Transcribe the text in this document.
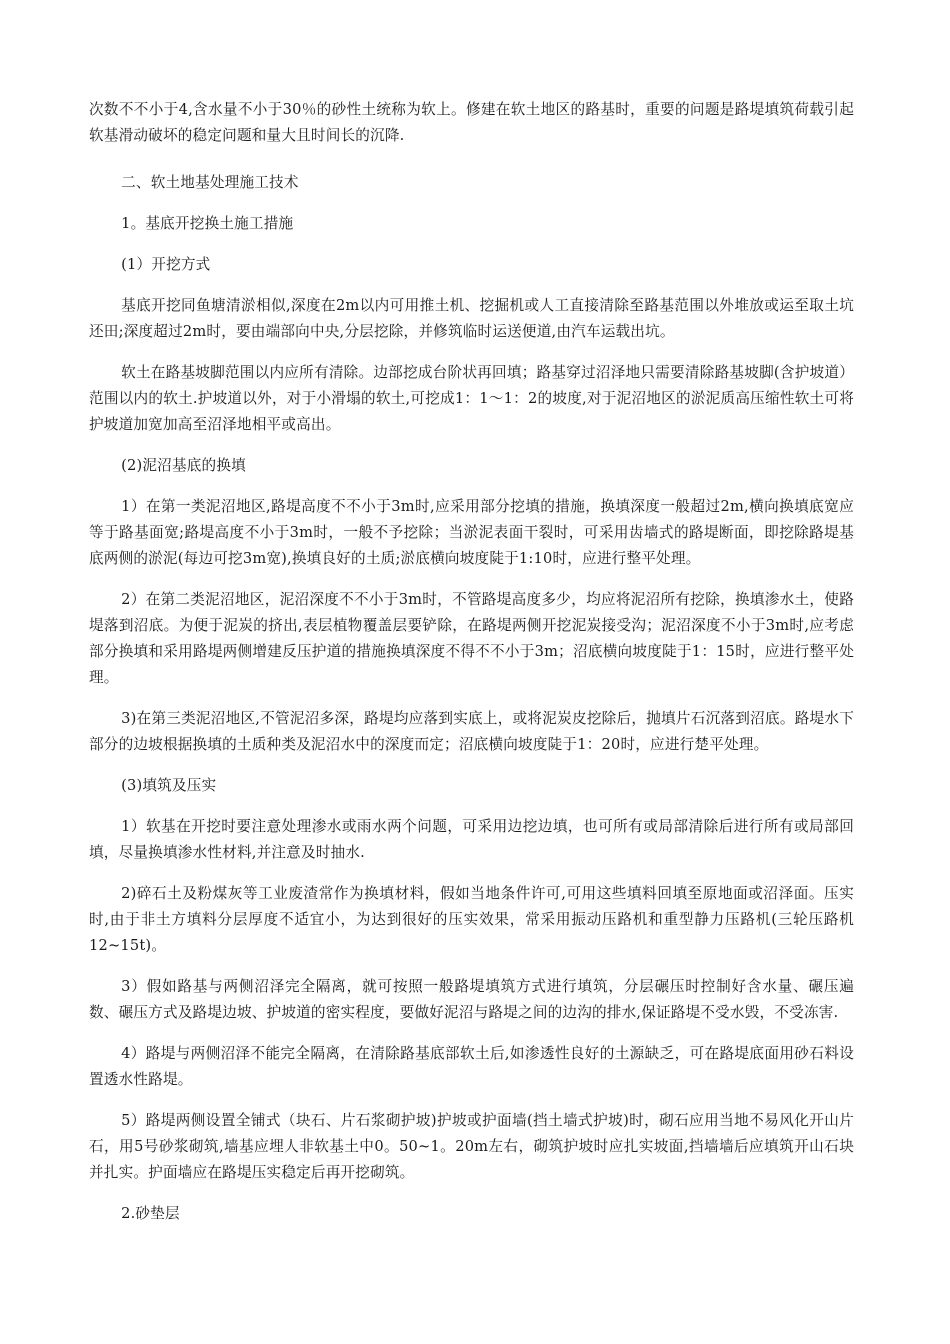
次数不不小于4,含水量不小于30％的砂性土统称为软上。修建在软土地区的路基时，重要的问题是路堤填筑荷载引起软基滑动破坏的稳定问题和量大且时间长的沉降.

二、软土地基处理施工技术

1。基底开挖换土施工措施

(1）开挖方式

基底开挖同鱼塘清淤相似,深度在2m以内可用推土机、挖掘机或人工直接清除至路基范围以外堆放或运至取土坑还田;深度超过2m时，要由端部向中央,分层挖除，并修筑临时运送便道,由汽车运载出坑。

软土在路基坡脚范围以内应所有清除。边部挖成台阶状再回填；路基穿过沼泽地只需要清除路基坡脚(含护坡道）范围以内的软土.护坡道以外，对于小滑塌的软土,可挖成1：1～1：2的坡度,对于泥沼地区的淤泥质高压缩性软土可将护坡道加宽加高至沼泽地相平或高出。

(2)泥沼基底的换填

1）在第一类泥沼地区,路堤高度不不小于3m时,应采用部分挖填的措施，换填深度一般超过2m,横向换填底宽应等于路基面宽;路堤高度不小于3m时，一般不予挖除；当淤泥表面干裂时，可采用齿墙式的路堤断面，即挖除路堤基底两侧的淤泥(每边可挖3m宽),换填良好的土质;淤底横向坡度陡于1:10时，应进行整平处理。

2）在第二类泥沼地区，泥沼深度不不小于3m时，不管路堤高度多少，均应将泥沼所有挖除，换填渗水土，使路堤落到沼底。为便于泥炭的挤出,表层植物覆盖层要铲除，在路堤两侧开挖泥炭接受沟；泥沼深度不小于3m时,应考虑部分换填和采用路堤两侧增建反压护道的措施换填深度不得不不小于3m；沼底横向坡度陡于1：15时，应进行整平处理。

3)在第三类泥沼地区,不管泥沼多深，路堤均应落到实底上，或将泥炭皮挖除后，抛填片石沉落到沼底。路堤水下部分的边坡根据换填的土质种类及泥沼水中的深度而定；沼底横向坡度陡于1：20时，应进行楚平处理。

(3)填筑及压实

1）软基在开挖时要注意处理渗水或雨水两个问题，可采用边挖边填，也可所有或局部清除后进行所有或局部回填，尽量换填渗水性材料,并注意及时抽水.

2)碎石土及粉煤灰等工业废渣常作为换填材料，假如当地条件许可,可用这些填料回填至原地面或沼泽面。压实时,由于非土方填料分层厚度不适宜小，为达到很好的压实效果，常采用振动压路机和重型静力压路机(三轮压路机12~15t)。

3）假如路基与两侧沼泽完全隔离，就可按照一般路堤填筑方式进行填筑，分层碾压时控制好含水量、碾压遍数、碾压方式及路堤边坡、护坡道的密实程度，要做好泥沼与路堤之间的边沟的排水,保证路堤不受水毁，不受冻害.

4）路堤与两侧沼泽不能完全隔离，在清除路基底部软土后,如渗透性良好的土源缺乏，可在路堤底面用砂石料设置透水性路堤。

5）路堤两侧设置全铺式（块石、片石浆砌护坡)护坡或护面墙(挡土墙式护坡)时，砌石应用当地不易风化开山片石，用5号砂浆砌筑,墙基应埋人非软基土中0。50~1。20m左右，砌筑护坡时应扎实坡面,挡墙墙后应填筑开山石块并扎实。护面墙应在路堤压实稳定后再开挖砌筑。

2.砂垫层
